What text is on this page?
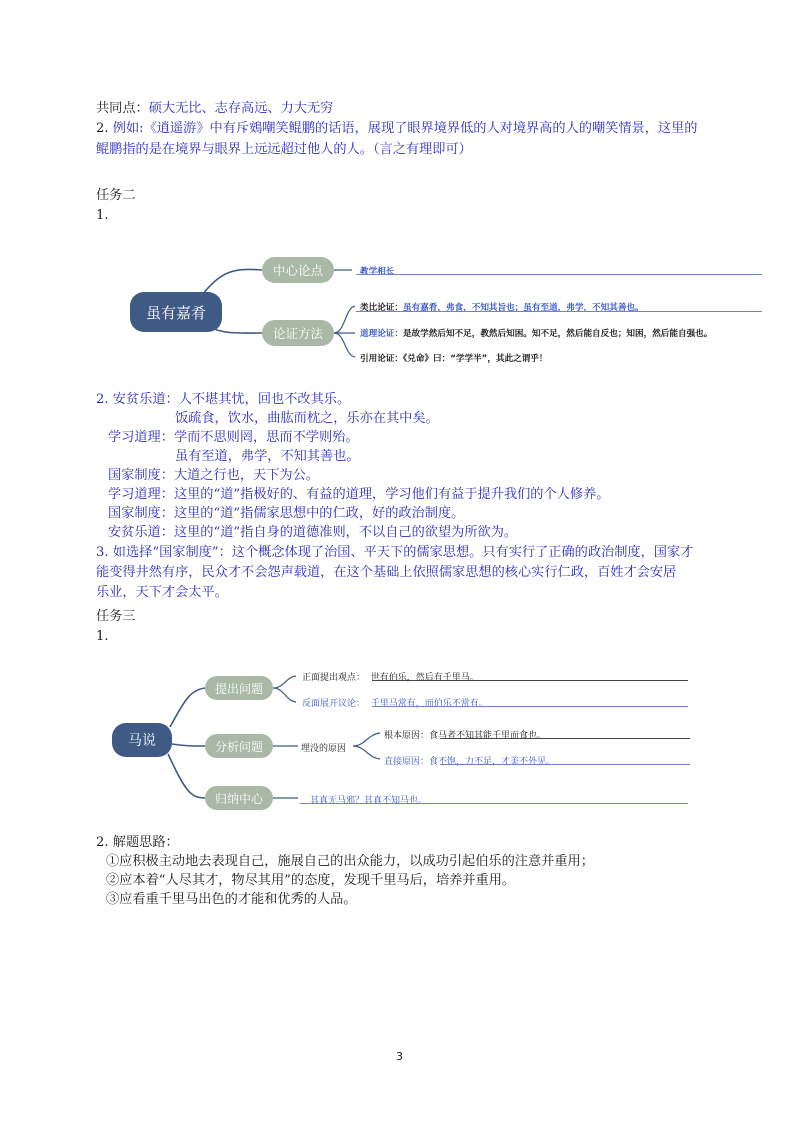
共同点：硕大无比、志存高远、力大无穷
2. 例如:《逍遥游》中有斥鴳嘲笑鲲鹏的话语，展现了眼界境界低的人对境界高的人的嘲笑情景，这里的
鲲鹏指的是在境界与眼界上远远超过他人的人。（言之有理即可）
任务二
1.
虽有嘉肴
中心论点
论证方法
教学相长
类比论证：虽有嘉肴，弗食，不知其旨也；虽有至道，弗学，不知其善也。
道理论证：是故学然后知不足，教然后知困。知不足，然后能自反也；知困，然后能自强也。
引用论证：《兑命》曰：“学学半”，其此之谓乎！
2. 安贫乐道：人不堪其忧，回也不改其乐。
饭疏食，饮水，曲肱而枕之，乐亦在其中矣。
学习道理：学而不思则罔，思而不学则殆。
虽有至道，弗学，不知其善也。
国家制度：大道之行也，天下为公。
学习道理：这里的“道”指极好的、有益的道理，学习他们有益于提升我们的个人修养。
国家制度：这里的“道”指儒家思想中的仁政，好的政治制度。
安贫乐道：这里的“道”指自身的道德准则，不以自己的欲望为所欲为。
3. 如选择“国家制度”：这个概念体现了治国、平天下的儒家思想。只有实行了正确的政治制度，国家才
能变得井然有序，民众才不会怨声载道，在这个基础上依照儒家思想的核心实行仁政，百姓才会安居
乐业，天下才会太平。
任务三
1.
马说
提出问题
分析问题
归纳中心
正面提出观点： 世有伯乐，然后有千里马。
反面展开议论： 千里马常有，而伯乐不常有。
埋没的原因
根本原因：食马者不知其能千里而食也。
直接原因：食不饱，力不足，才美不外见。
其真无马邪？其真不知马也。
2. 解题思路：
①应积极主动地去表现自己，施展自己的出众能力，以成功引起伯乐的注意并重用；
②应本着“人尽其才，物尽其用”的态度，发现千里马后，培养并重用。
③应看重千里马出色的才能和优秀的人品。
3
